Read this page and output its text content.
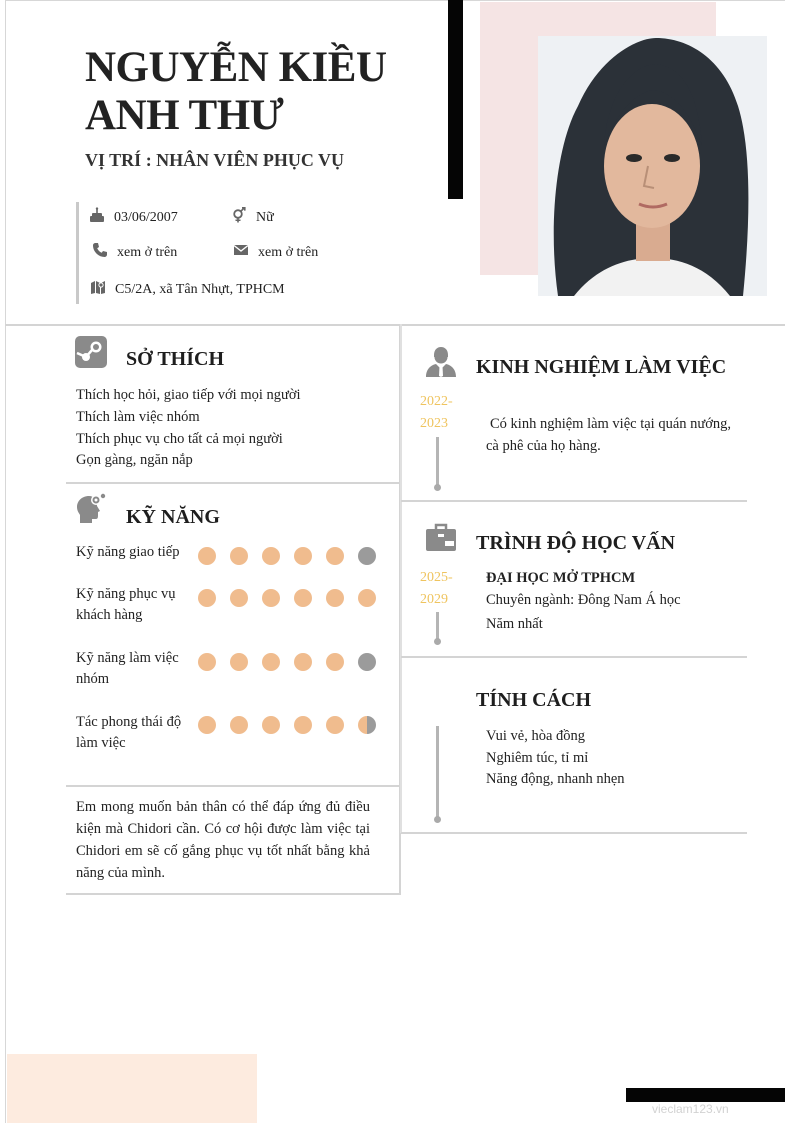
NGUYỄN KIỀU
ANH THƯ
VỊ TRÍ : NHÂN VIÊN PHỤC VỤ
03/06/2007	Nữ
xem ở trên	xem ở trên
C5/2A, xã Tân Nhựt, TPHCM
SỞ THÍCH
Thích học hỏi, giao tiếp với mọi người
Thích làm việc nhóm
Thích phục vụ cho tất cả mọi người
Gọn gàng, ngăn nắp
KỸ NĂNG
Kỹ năng giao tiếp
Kỹ năng phục vụ khách hàng
Kỹ năng làm việc nhóm
Tác phong thái độ làm việc
Em mong muốn bản thân có thể đáp ứng đủ điều kiện mà Chidori cần. Có cơ hội được làm việc tại Chidori em sẽ cố gắng phục vụ tốt nhất bằng khả năng của mình.
KINH NGHIỆM LÀM VIỆC
2022-
2023	Có kinh nghiệm làm việc tại quán nướng,
cà phê của họ hàng.
TRÌNH ĐỘ HỌC VẤN
2025-
2029
ĐẠI HỌC MỞ TPHCM
Chuyên ngành: Đông Nam Á học
Năm nhất
TÍNH CÁCH
Vui vẻ, hòa đồng
Nghiêm túc, tỉ mỉ
Năng động, nhanh nhẹn
vieclam123.vn
